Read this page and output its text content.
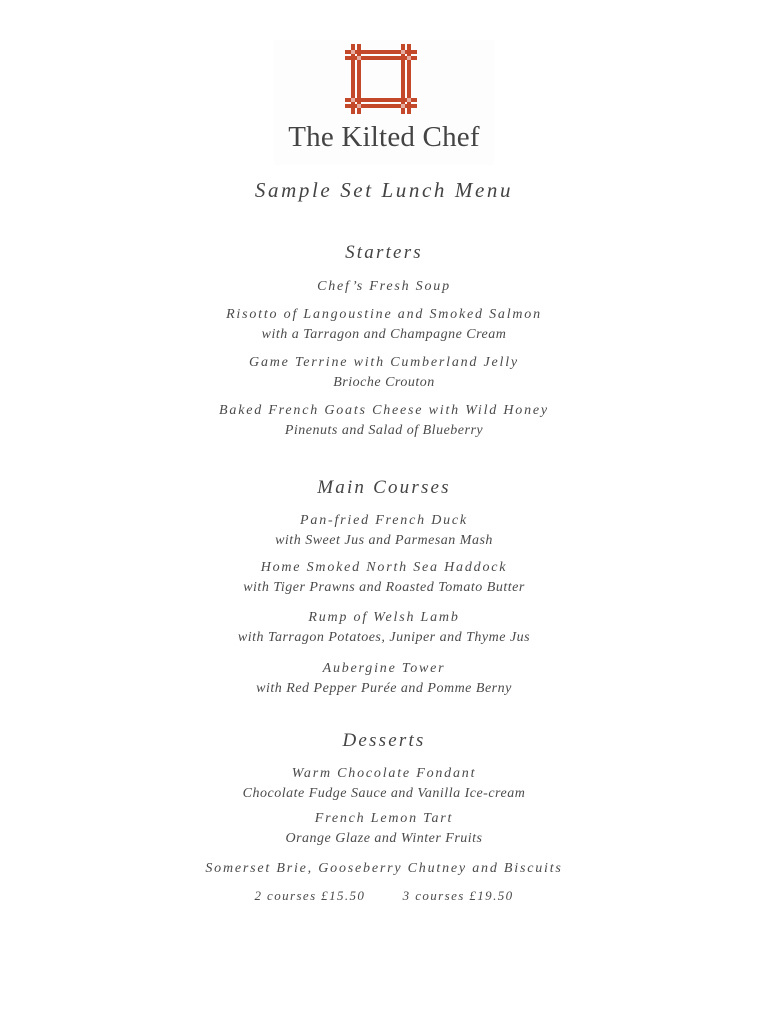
The Kilted Chef
Sample Set Lunch Menu
Starters
Chef’s Fresh Soup
Risotto of Langoustine and Smoked Salmon
with a Tarragon and Champagne Cream
Game Terrine with Cumberland Jelly
Brioche Crouton
Baked French Goats Cheese with Wild Honey
Pinenuts and Salad of Blueberry
Main Courses
Pan-fried French Duck
with Sweet Jus and Parmesan Mash
Home Smoked North Sea Haddock
with Tiger Prawns and Roasted Tomato Butter
Rump of Welsh Lamb
with Tarragon Potatoes, Juniper and Thyme Jus
Aubergine Tower
with Red Pepper Purée and Pomme Berny
Desserts
Warm Chocolate Fondant
Chocolate Fudge Sauce and Vanilla Ice-cream
French Lemon Tart
Orange Glaze and Winter Fruits
Somerset Brie, Gooseberry Chutney and Biscuits
2 courses £15.50	3 courses £19.50
